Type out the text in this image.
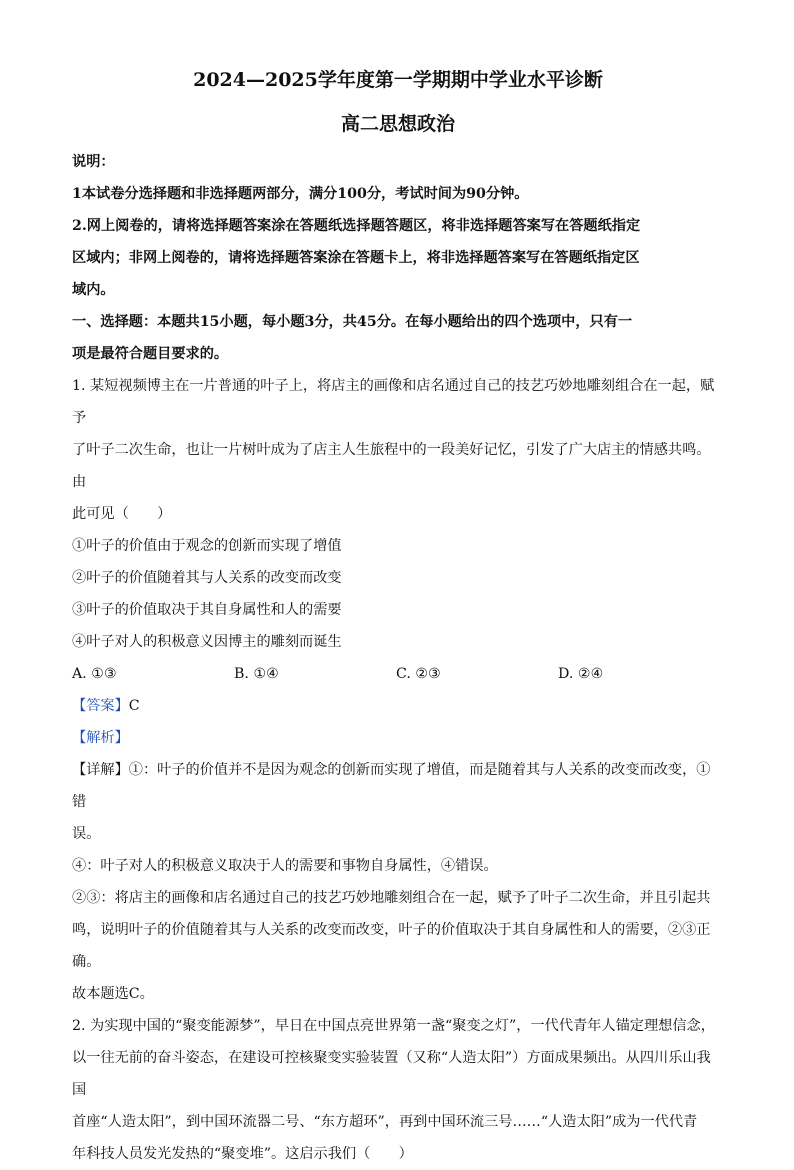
2024—2025学年度第一学期期中学业水平诊断
高二思想政治

说明：

1本试卷分选择题和非选择题两部分，满分100分，考试时间为90分钟。

2.网上阅卷的，请将选择题答案涂在答题纸选择题答题区，将非选择题答案写在答题纸指定

区域内；非网上阅卷的，请将选择题答案涂在答题卡上，将非选择题答案写在答题纸指定区

域内。

一、选择题：本题共15小题，每小题3分，共45分。在每小题给出的四个选项中，只有一

项是最符合题目要求的。

1. 某短视频博主在一片普通的叶子上，将店主的画像和店名通过自己的技艺巧妙地雕刻组合在一起，赋予

了叶子二次生命，也让一片树叶成为了店主人生旅程中的一段美好记忆，引发了广大店主的情感共鸣。由

此可见（　　）

①叶子的价值由于观念的创新而实现了增值

②叶子的价值随着其与人关系的改变而改变

③叶子的价值取决于其自身属性和人的需要

④叶子对人的积极意义因博主的雕刻而诞生

A. ①③	B. ①④	C. ②③	D. ②④

【答案】C

【解析】

【详解】①：叶子的价值并不是因为观念的创新而实现了增值，而是随着其与人关系的改变而改变，①错

误。

④：叶子对人的积极意义取决于人的需要和事物自身属性，④错误。

②③：将店主的画像和店名通过自己的技艺巧妙地雕刻组合在一起，赋予了叶子二次生命，并且引起共

鸣，说明叶子的价值随着其与人关系的改变而改变，叶子的价值取决于其自身属性和人的需要，②③正

确。

故本题选C。

2. 为实现中国的“聚变能源梦”，早日在中国点亮世界第一盏“聚变之灯”，一代代青年人锚定理想信念，

以一往无前的奋斗姿态，在建设可控核聚变实验装置（又称“人造太阳”）方面成果频出。从四川乐山我国

首座“人造太阳”，到中国环流器二号、“东方超环”，再到中国环流三号……“人造太阳”成为一代代青

年科技人员发光发热的“聚变堆”。这启示我们（　　）
